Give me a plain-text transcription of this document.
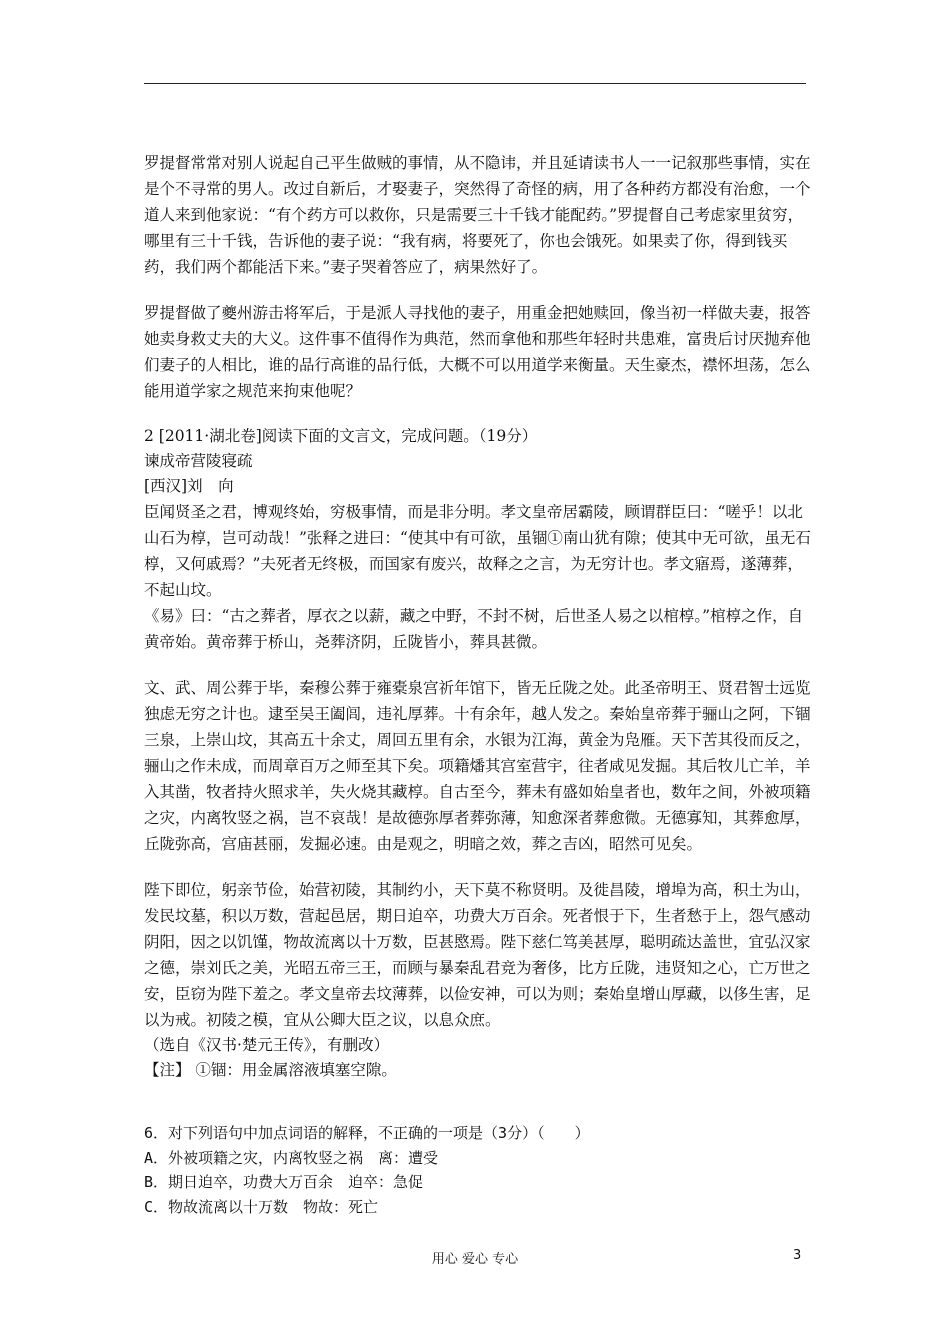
罗提督常常对别人说起自己平生做贼的事情，从不隐讳，并且延请读书人一一记叙那些事情，实在是个不寻常的男人。改过自新后，才娶妻子，突然得了奇怪的病，用了各种药方都没有治愈，一个道人来到他家说：“有个药方可以救你，只是需要三十千钱才能配药。”罗提督自己考虑家里贫穷，哪里有三十千钱，告诉他的妻子说：“我有病，将要死了，你也会饿死。如果卖了你，得到钱买药，我们两个都能活下来。”妻子哭着答应了，病果然好了。
罗提督做了夔州游击将军后，于是派人寻找他的妻子，用重金把她赎回，像当初一样做夫妻，报答她卖身救丈夫的大义。这件事不值得作为典范，然而拿他和那些年轻时共患难，富贵后讨厌抛弃他们妻子的人相比，谁的品行高谁的品行低，大概不可以用道学来衡量。天生豪杰，襟怀坦荡，怎么能用道学家之规范来拘束他呢？
2 [2011·湖北卷]阅读下面的文言文，完成问题。（19分）
谏成帝营陵寝疏
[西汉]刘　向
臣闻贤圣之君，博观终始，穷极事情，而是非分明。孝文皇帝居霸陵，顾谓群臣曰：“嗟乎！以北山石为椁，岂可动哉！”张释之进曰：“使其中有可欲，虽锢①南山犹有隙；使其中无可欲，虽无石椁，又何戚焉？”夫死者无终极，而国家有废兴，故释之之言，为无穷计也。孝文寤焉，遂薄葬，不起山坟。
《易》曰：“古之葬者，厚衣之以薪，藏之中野，不封不树，后世圣人易之以棺椁。”棺椁之作，自黄帝始。黄帝葬于桥山，尧葬济阴，丘陇皆小，葬具甚微。
文、武、周公葬于毕，秦穆公葬于雍橐泉宫祈年馆下，皆无丘陇之处。此圣帝明王、贤君智士远览独虑无穷之计也。逮至吴王阖闾，违礼厚葬。十有余年，越人发之。秦始皇帝葬于骊山之阿，下锢三泉，上崇山坟，其高五十余丈，周回五里有余，水银为江海，黄金为凫雁。天下苦其役而反之，骊山之作未成，而周章百万之师至其下矣。项籍燔其宫室营宇，往者咸见发掘。其后牧儿亡羊，羊入其凿，牧者持火照求羊，失火烧其藏椁。自古至今，葬未有盛如始皇者也，数年之间，外被项籍之灾，内离牧竖之祸，岂不哀哉！是故德弥厚者葬弥薄，知愈深者葬愈微。无德寡知，其葬愈厚，丘陇弥高，宫庙甚丽，发掘必速。由是观之，明暗之效，葬之吉凶，昭然可见矣。
陛下即位，躬亲节俭，始营初陵，其制约小，天下莫不称贤明。及徙昌陵，增埠为高，积土为山，发民坟墓，积以万数，营起邑居，期日迫卒，功费大万百余。死者恨于下，生者愁于上，怨气感动阴阳，因之以饥馑，物故流离以十万数，臣甚愍焉。陛下慈仁笃美甚厚，聪明疏达盖世，宜弘汉家之德，崇刘氏之美，光昭五帝三王，而顾与暴秦乱君竞为奢侈，比方丘陇，违贤知之心，亡万世之安，臣窃为陛下羞之。孝文皇帝去坟薄葬，以俭安神，可以为则；秦始皇增山厚藏，以侈生害，足以为戒。初陵之模，宜从公卿大臣之议，以息众庶。
（选自《汉书·楚元王传》，有删改）
【注】 ①锢：用金属溶液填塞空隙。
6．对下列语句中加点词语的解释，不正确的一项是（3分）（　　）
A．外被项籍之灾，内离牧竖之祸　离：遭受
B．期日迫卒，功费大万百余　迫卒：急促
C．物故流离以十万数　物故：死亡
用心 爱心 专心	3
